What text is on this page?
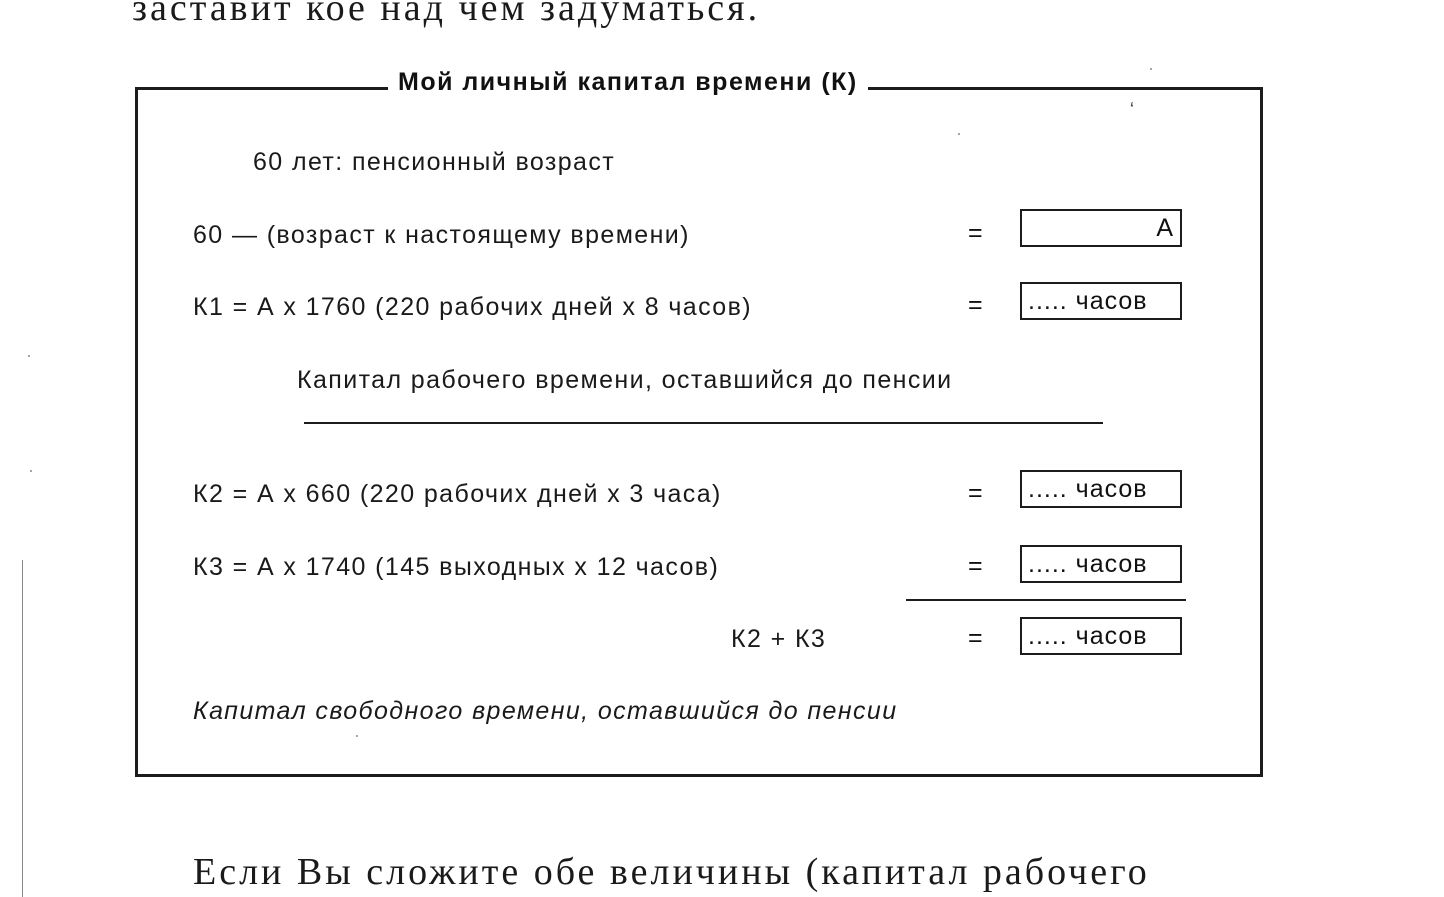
заставит кое над чем задуматься.
Мой личный капитал времени (К)
ʻ
60 лет: пенсионный возраст
60 — (возраст к настоящему времени)	=	A
К1 = А х 1760 (220 рабочих дней х 8 часов)	=	..... часов
Капитал рабочего времени, оставшийся до пенсии
К2 = А х 660 (220 рабочих дней х 3 часа)	=	..... часов
К3 = А х 1740 (145 выходных х 12 часов)	=	..... часов
К2 + К3	=	..... часов
Капитал свободного времени, оставшийся до пенсии
Если Вы сложите обе величины (капитал рабочего
